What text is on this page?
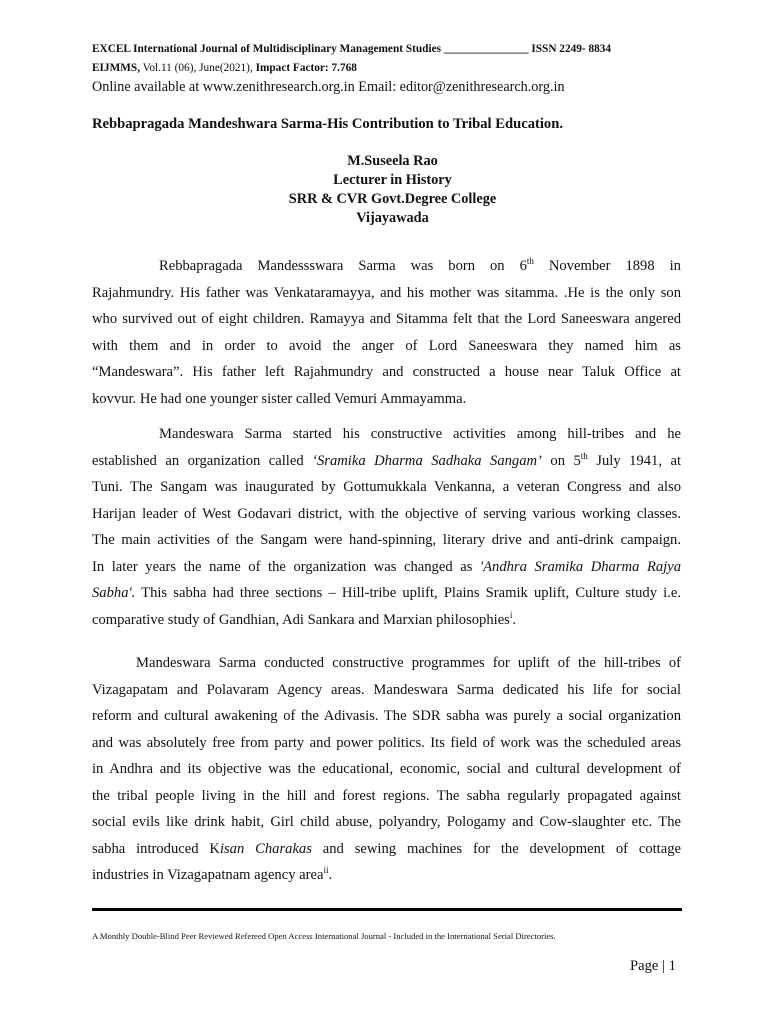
EXCEL International Journal of Multidisciplinary Management Studies _______________ ISSN 2249- 8834
EIJMMS, Vol.11 (06), June(2021), Impact Factor: 7.768
Online available at www.zenithresearch.org.in Email: editor@zenithresearch.org.in
Rebbapragada Mandeshwara Sarma-His Contribution to Tribal Education.
M.Suseela Rao
Lecturer in History
SRR & CVR Govt.Degree College
Vijayawada
Rebbapragada Mandessswara Sarma was born on 6th November 1898 in
Rajahmundry. His father was Venkataramayya, and his mother was sitamma. .He is the only son
who survived out of eight children. Ramayya and Sitamma felt that the Lord Saneeswara angered
with them and in order to avoid the anger of Lord Saneeswara they named him as
“Mandeswara”. His father left Rajahmundry and constructed a house near Taluk Office at
kovvur. He had one younger sister called Vemuri Ammayamma.
Mandeswara Sarma started his constructive activities among hill-tribes and he
established an organization called ‘Sramika Dharma Sadhaka Sangam’ on 5th July 1941, at
Tuni. The Sangam was inaugurated by Gottumukkala Venkanna, a veteran Congress and also
Harijan leader of West Godavari district, with the objective of serving various working classes.
The main activities of the Sangam were hand-spinning, literary drive and anti-drink campaign.
In later years the name of the organization was changed as 'Andhra Sramika Dharma Rajya
Sabha'. This sabha had three sections – Hill-tribe uplift, Plains Sramik uplift, Culture study i.e.
comparative study of Gandhian, Adi Sankara and Marxian philosophies$^i$.
Mandeswara Sarma conducted constructive programmes for uplift of the hill-tribes of
Vizagapatam and Polavaram Agency areas. Mandeswara Sarma dedicated his life for social
reform and cultural awakening of the Adivasis. The SDR sabha was purely a social organization
and was absolutely free from party and power politics. Its field of work was the scheduled areas
in Andhra and its objective was the educational, economic, social and cultural development of
the tribal people living in the hill and forest regions. The sabha regularly propagated against
social evils like drink habit, Girl child abuse, polyandry, Pologamy and Cow-slaughter etc. The
sabha introduced Kisan Charakas and sewing machines for the development of cottage
industries in Vizagapatnam agency area$^{ii}$.
A Monthly Double-Blind Peer Reviewed Refereed Open Access International Journal - Included in the International Serial Directories.
Page | 1
